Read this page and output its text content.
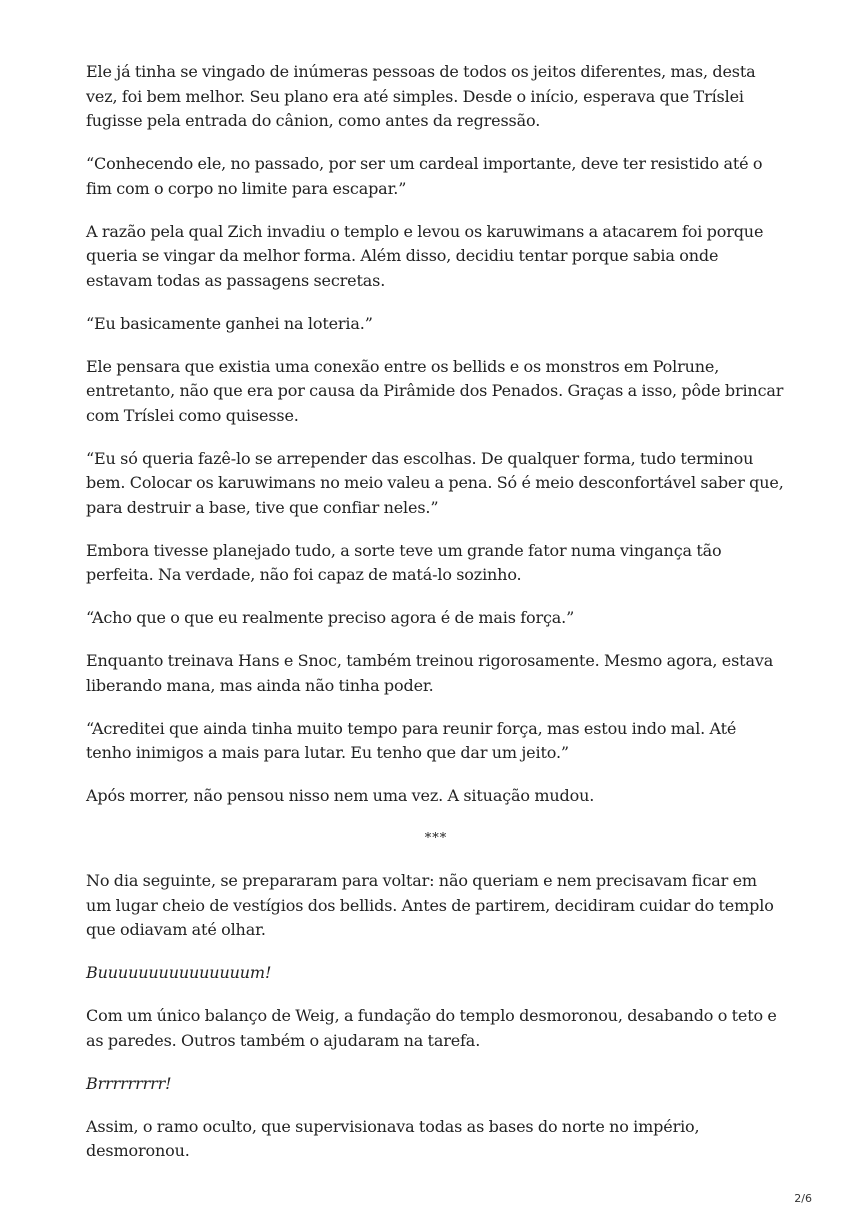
Ele já tinha se vingado de inúmeras pessoas de todos os jeitos diferentes, mas, desta vez, foi bem melhor. Seu plano era até simples. Desde o início, esperava que Tríslei fugisse pela entrada do cânion, como antes da regressão.

“Conhecendo ele, no passado, por ser um cardeal importante, deve ter resistido até o fim com o corpo no limite para escapar.”

A razão pela qual Zich invadiu o templo e levou os karuwimans a atacarem foi porque queria se vingar da melhor forma. Além disso, decidiu tentar porque sabia onde estavam todas as passagens secretas.

“Eu basicamente ganhei na loteria.”

Ele pensara que existia uma conexão entre os bellids e os monstros em Polrune, entretanto, não que era por causa da Pirâmide dos Penados. Graças a isso, pôde brincar com Tríslei como quisesse.

“Eu só queria fazê-lo se arrepender das escolhas. De qualquer forma, tudo terminou bem. Colocar os karuwimans no meio valeu a pena. Só é meio desconfortável saber que, para destruir a base, tive que confiar neles.”

Embora tivesse planejado tudo, a sorte teve um grande fator numa vingança tão perfeita. Na verdade, não foi capaz de matá-lo sozinho.

“Acho que o que eu realmente preciso agora é de mais força.”

Enquanto treinava Hans e Snoc, também treinou rigorosamente. Mesmo agora, estava liberando mana, mas ainda não tinha poder.

“Acreditei que ainda tinha muito tempo para reunir força, mas estou indo mal. Até tenho inimigos a mais para lutar. Eu tenho que dar um jeito.”

Após morrer, não pensou nisso nem uma vez. A situação mudou.

***

No dia seguinte, se prepararam para voltar: não queriam e nem precisavam ficar em um lugar cheio de vestígios dos bellids. Antes de partirem, decidiram cuidar do templo que odiavam até olhar.

Buuuuuuuuuuuuuuum!

Com um único balanço de Weig, a fundação do templo desmoronou, desabando o teto e as paredes. Outros também o ajudaram na tarefa.

Brrrrrrrrr!

Assim, o ramo oculto, que supervisionava todas as bases do norte no império, desmoronou.

2/6
